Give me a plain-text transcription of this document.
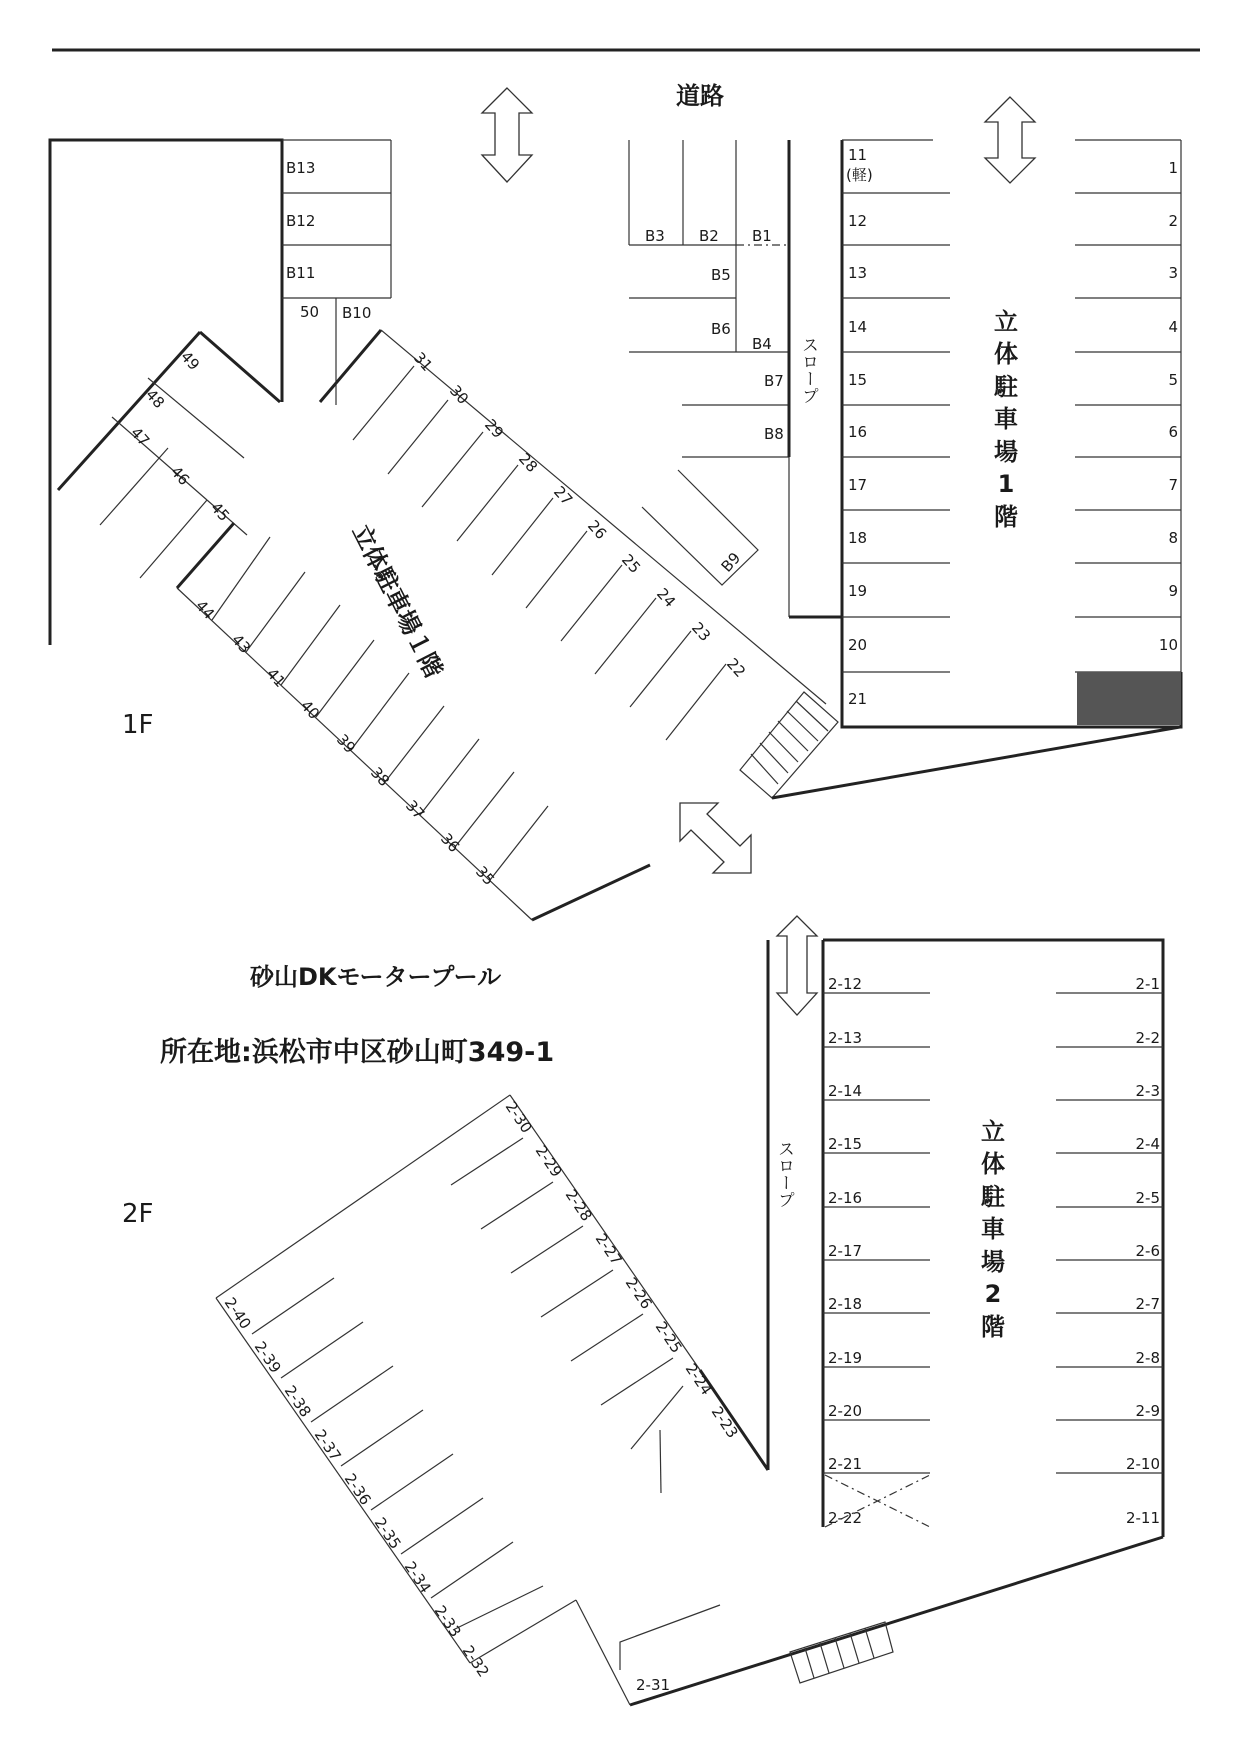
道路
B13
B12
B11
50 B10
49
48
47
46
45
31
30
29
28
27
26
25
24
23
22
44
43
41
40
39
38
37
36
35
立体駐車場１階
B3 B2 B1
B5
B6
B4
B7
B8
B9
スロープ
11
(軽)
12
13
14
15
16
17
18
19
20
21
1
2
3
4
5
6
7
8
9
10
立
体
駐
車
場
1
階
1F
2F
砂山DKモータープール
所在地:浜松市中区砂山町349-1
スロープ
2-12
2-13
2-14
2-15
2-16
2-17
2-18
2-19
2-20
2-21
2-22
2-1
2-2
2-3
2-4
2-5
2-6
2-7
2-8
2-9
2-10
2-11
立
体
駐
車
場
2
階
2-30
2-29
2-28
2-27
2-26
2-25
2-24
2-23
2-40
2-39
2-38
2-37
2-36
2-35
2-34
2-33
2-32
2-31
